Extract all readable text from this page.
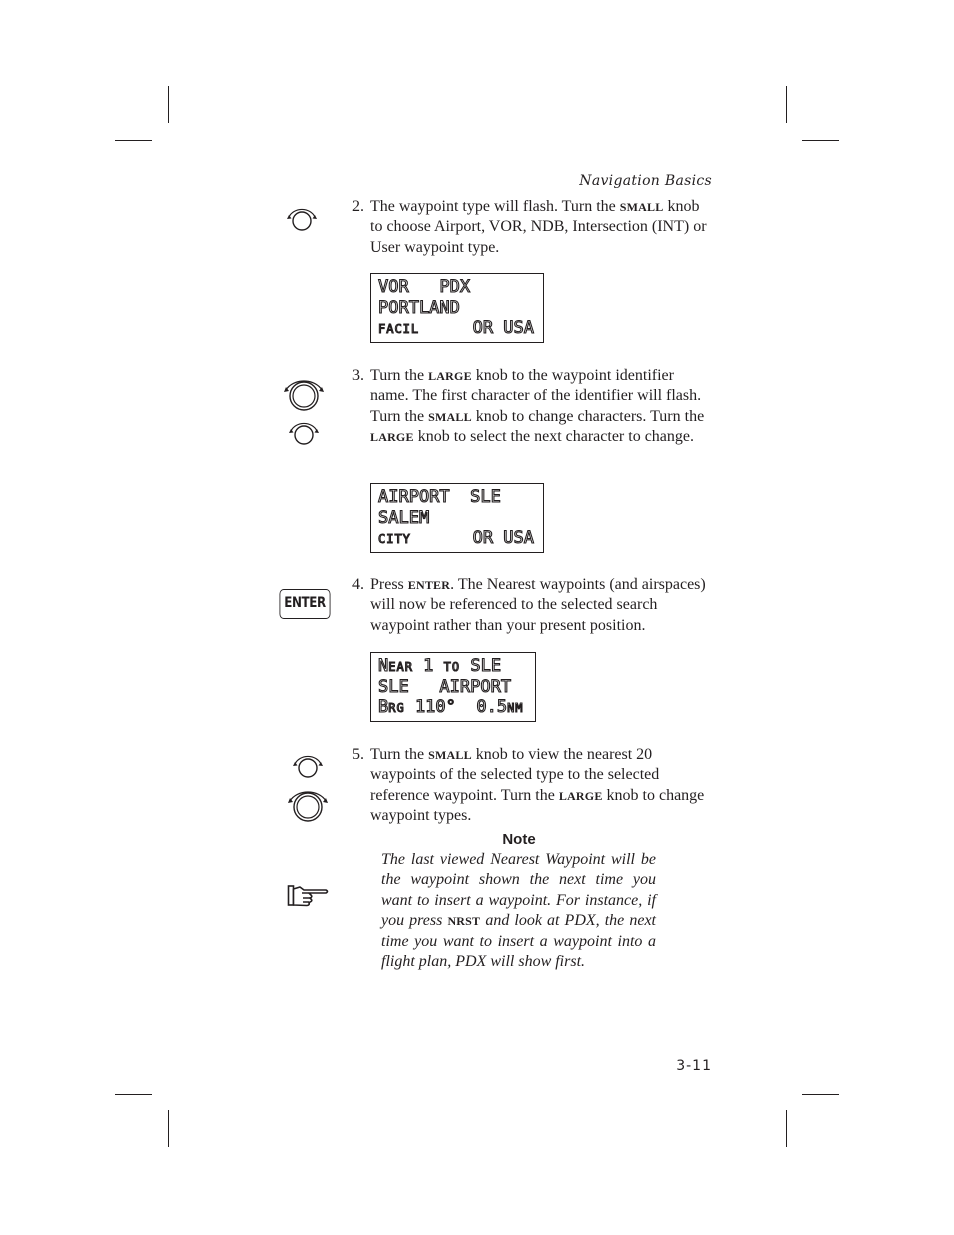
Navigation Basics
2. The waypoint type will flash. Turn the SMALL knob to choose Airport, VOR, NDB, Intersection (INT) or User waypoint type.
VOR   PDX
PORTLAND
FACIL	OR USA
3. Turn the LARGE knob to the waypoint identifier name. The first character of the identifier will flash. Turn the SMALL knob to change characters. Turn the LARGE knob to select the next character to change.
AIRPORT  SLE
SALEM
CITY	OR USA
ENTER
4. Press ENTER. The Nearest waypoints (and airspaces) will now be referenced to the selected search waypoint rather than your present position.
NEAR 1 TO SLE
SLE   AIRPORT
BRG 110°  0.5NM
5. Turn the SMALL knob to view the nearest 20 waypoints of the selected type to the selected reference waypoint. Turn the LARGE knob to change waypoint types.
Note
The last viewed Nearest Waypoint will be the waypoint shown the next time you want to insert a waypoint. For instance, if you press NRST and look at PDX, the next time you want to insert a waypoint into a flight plan, PDX will show first.
3-11
